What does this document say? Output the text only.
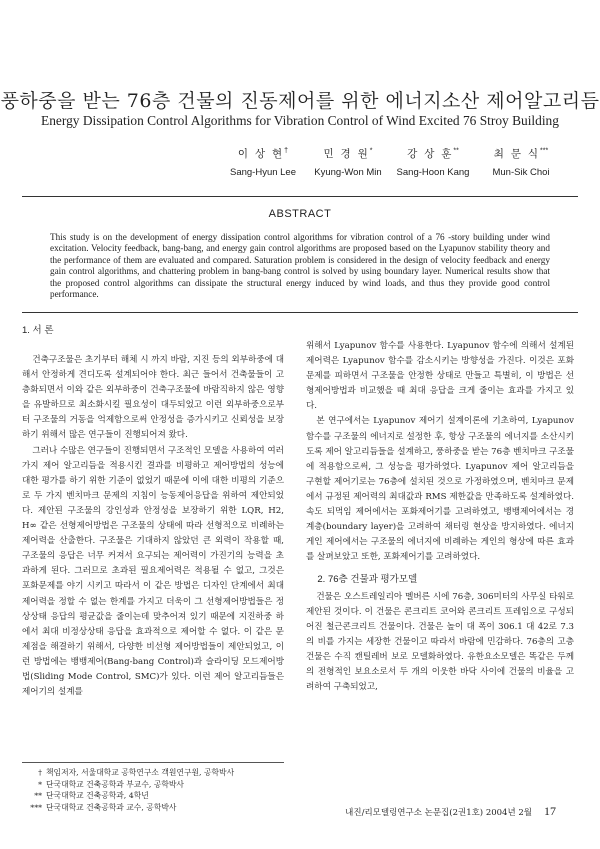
풍하중을 받는 76층 건물의 진동제어를 위한 에너지소산 제어알고리듬
Energy Dissipation Control Algorithms for Vibration Control of Wind Excited 76 Stroy Building
이 상 현†
Sang-Hyun Lee
민 경 원*
Kyung-Won Min
강 상 훈**
Sang-Hoon Kang
최 문 식***
Mun-Sik Choi
ABSTRACT
This study is on the development of energy dissipation control algorithms for vibration control of a 76 -story building under wind excitation. Velocity feedback, bang-bang, and energy gain control algorithms are proposed based on the Lyapunov stability theory and the performance of them are evaluated and compared. Saturation problem is considered in the design of velocity feedback and energy gain control algorithms, and chattering problem in bang-bang control is solved by using boundary layer. Numerical results show that the proposed control algorithms can dissipate the structural energy induced by wind loads, and thus they provide good control performance.
1. 서 론

건축구조물은 초기부터 해체 시 까지 바람, 지진 등의 외부하중에 대해서 안정하게 견디도록 설계되어야 한다. 최근 들어서 건축물들이 고층화되면서 이와 같은 외부하중이 건축구조물에 바람직하지 않은 영향을 유발하므로 최소화시킬 필요성이 대두되었고 이런 외부하중으로부터 구조물의 거동을 억제함으로써 안정성을 증가시키고 신뢰성을 보장하기 위해서 많은 연구들이 진행되어져 왔다.

그러나 수많은 연구들이 진행되면서 구조적인 모델을 사용하여 여러 가지 제어 알고리듬을 적용시킨 결과를 비평하고 제어방법의 성능에 대한 평가를 하기 위한 기준이 없었기 때문에 이에 대한 비평의 기준으로 두 가지 벤치마크 문제의 지침이 능동제어응답을 위하여 제안되었다. 제안된 구조물의 강인성과 안정성을 보장하기 위한 LQR, H2, H∞ 같은 선형제어방법은 구조물의 상태에 따라 선형적으로 비례하는 제어력을 산출한다. 구조물은 기대하지 않았던 큰 외력이 작용할 때, 구조물의 응답은 너무 커져서 요구되는 제어력이 가진기의 능력을 초과하게 된다. 그러므로 초과된 필요제어력은 적용될 수 없고, 그것은 포화문제를 야기 시키고 따라서 이 같은 방법은 디자인 단계에서 최대제어력을 정할 수 없는 한계를 가지고 더욱이 그 선형제어방법들은 정상상태 응답의 평균값을 줄이는데 맞추어져 있기 때문에 지진하중 하에서 최대 비정상상태 응답을 효과적으로 제어할 수 없다. 이 같은 문제점을 해결하기 위해서, 다양한 비선형 제어방법들이 제안되었고, 이런 방법에는 뱅뱅제어(Bang-bang Control)과 슬라이딩 모드제어방법(Sliding Mode Control, SMC)가 있다. 이런 제어 알고리듬들은 제어기의 설계를

위해서 Lyapunov 함수를 사용한다. Lyapunov 함수에 의해서 설계된 제어력은 Lyapunov 함수를 감소시키는 방향성을 가진다. 이것은 포화문제를 피하면서 구조물을 안정한 상태로 만들고 특별히, 이 방법은 선형제어방법과 비교했을 때 최대 응답을 크게 줄이는 효과를 가지고 있다.

본 연구에서는 Lyapunov 제어기 설계이론에 기초하여, Lyapunov 함수를 구조물의 에너지로 설정한 후, 항상 구조물의 에너지를 소산시키도록 제어 알고리듬들을 설계하고, 풍하중을 받는 76층 벤치마크 구조물에 적용함으로써, 그 성능을 평가하였다. Lyapunov 제어 알고리듬을 구현할 제어기로는 76층에 설치된 것으로 가정하였으며, 벤치마크 문제에서 규정된 제어력의 최대값과 RMS 제한값을 만족하도록 설계하였다. 속도 되먹임 제어에서는 포화제어기를 고려하였고, 뱅뱅제어에서는 경계층(boundary layer)을 고려하여 채터링 현상을 방지하였다. 에너지게인 제어에서는 구조물의 에너지에 비례하는 게인의 형상에 따른 효과를 살펴보았고 또한, 포화제어기를 고려하였다.

2. 76층 건물과 평가모델

건물은 오스트레일리아 멜버른 시에 76층, 306미터의 사무실 타워로 제안된 것이다. 이 건물은 콘크리트 코어와 콘크리트 프레임으로 구성되어진 철근콘크리트 건물이다. 건물은 높이 대 폭이 306.1 대 42로 7.3의 비를 가지는 세장한 건물이고 따라서 바람에 민감하다. 76층의 고층 건물은 수직 캔틸레버 보로 모델화하였다. 유한요소모델은 똑같은 두께의 전형적인 보요소로서 두 개의 이웃한 바닥 사이에 건물의 비율을 고려하여 구축되었고,

† 책임저자, 서울대학교 공학연구소 객원연구원, 공학박사
* 단국대학교 건축공학과 부교수, 공학박사
** 단국대학교 건축공학과, 4학년
*** 단국대학교 건축공학과 교수, 공학박사
내진/리모델링연구소 논문집(2권1호) 2004년 2월 17
